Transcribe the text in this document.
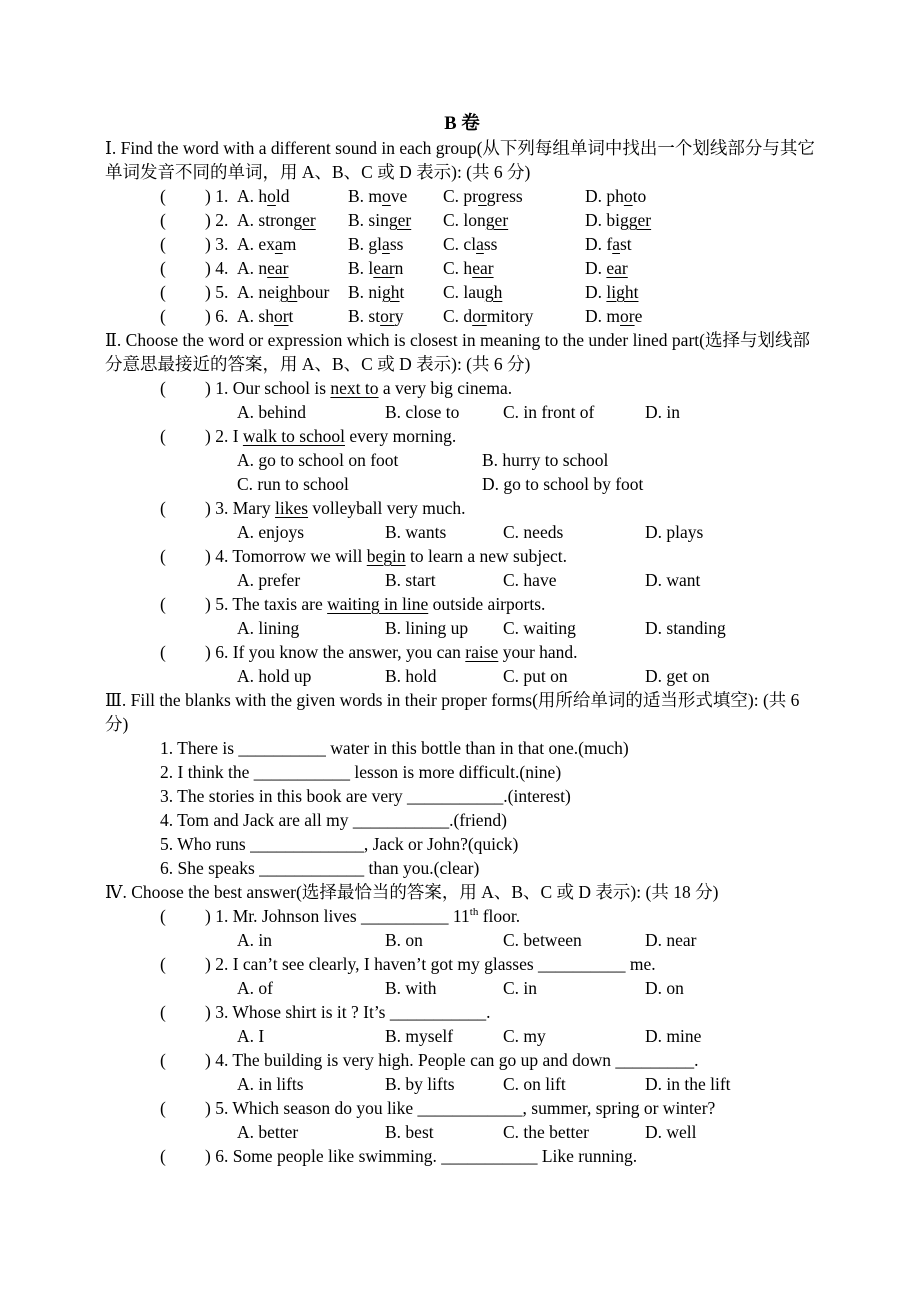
B 卷
Ⅰ. Find the word with a different sound in each group(从下列每组单词中找出一个划线部分与其它单词发音不同的单词，用 A、B、C 或 D 表示): (共 6 分)
(	) 1. A. hold	B. move	C. progress	D. photo
(	) 2. A. stronger	B. singer	C. longer	D. bigger
(	) 3. A. exam	B. glass	C. class	D. fast
(	) 4. A. near	B. learn	C. hear	D. ear
(	) 5. A. neighbour	B. night	C. laugh	D. light
(	) 6. A. short	B. story	C. dormitory	D. more
Ⅱ. Choose the word or expression which is closest in meaning to the under lined part(选择与划线部分意思最接近的答案，用 A、B、C 或 D 表示): (共 6 分)
( ) 1. Our school is next to a very big cinema.
A. behind	B. close to	C. in front of	D. in
( ) 2. I walk to school every morning.
A. go to school on foot	B. hurry to school
C. run to school	D. go to school by foot
( ) 3. Mary likes volleyball very much.
A. enjoys	B. wants	C. needs	D. plays
( ) 4. Tomorrow we will begin to learn a new subject.
A. prefer	B. start	C. have	D. want
( ) 5. The taxis are waiting in line outside airports.
A. lining	B. lining up	C. waiting	D. standing
( ) 6. If you know the answer, you can raise your hand.
A. hold up	B. hold	C. put on	D. get on
Ⅲ. Fill the blanks with the given words in their proper forms(用所给单词的适当形式填空): (共 6 分)
1. There is __________ water in this bottle than in that one.(much)
2. I think the ___________ lesson is more difficult.(nine)
3. The stories in this book are very ___________.(interest)
4. Tom and Jack are all my ___________.(friend)
5. Who runs _____________, Jack or John?(quick)
6. She speaks ____________ than you.(clear)
Ⅳ. Choose the best answer(选择最恰当的答案，用 A、B、C 或 D 表示): (共 18 分)
( ) 1. Mr. Johnson lives __________ 11th floor.
A. in	B. on	C. between	D. near
( ) 2. I can’t see clearly, I haven’t got my glasses __________ me.
A. of	B. with	C. in	D. on
( ) 3. Whose shirt is it ? It’s ___________.
A. I	B. myself	C. my	D. mine
( ) 4. The building is very high. People can go up and down _________.
A. in lifts	B. by lifts	C. on lift	D. in the lift
( ) 5. Which season do you like ____________, summer, spring or winter?
A. better	B. best	C. the better	D. well
( ) 6. Some people like swimming. ___________ Like running.
